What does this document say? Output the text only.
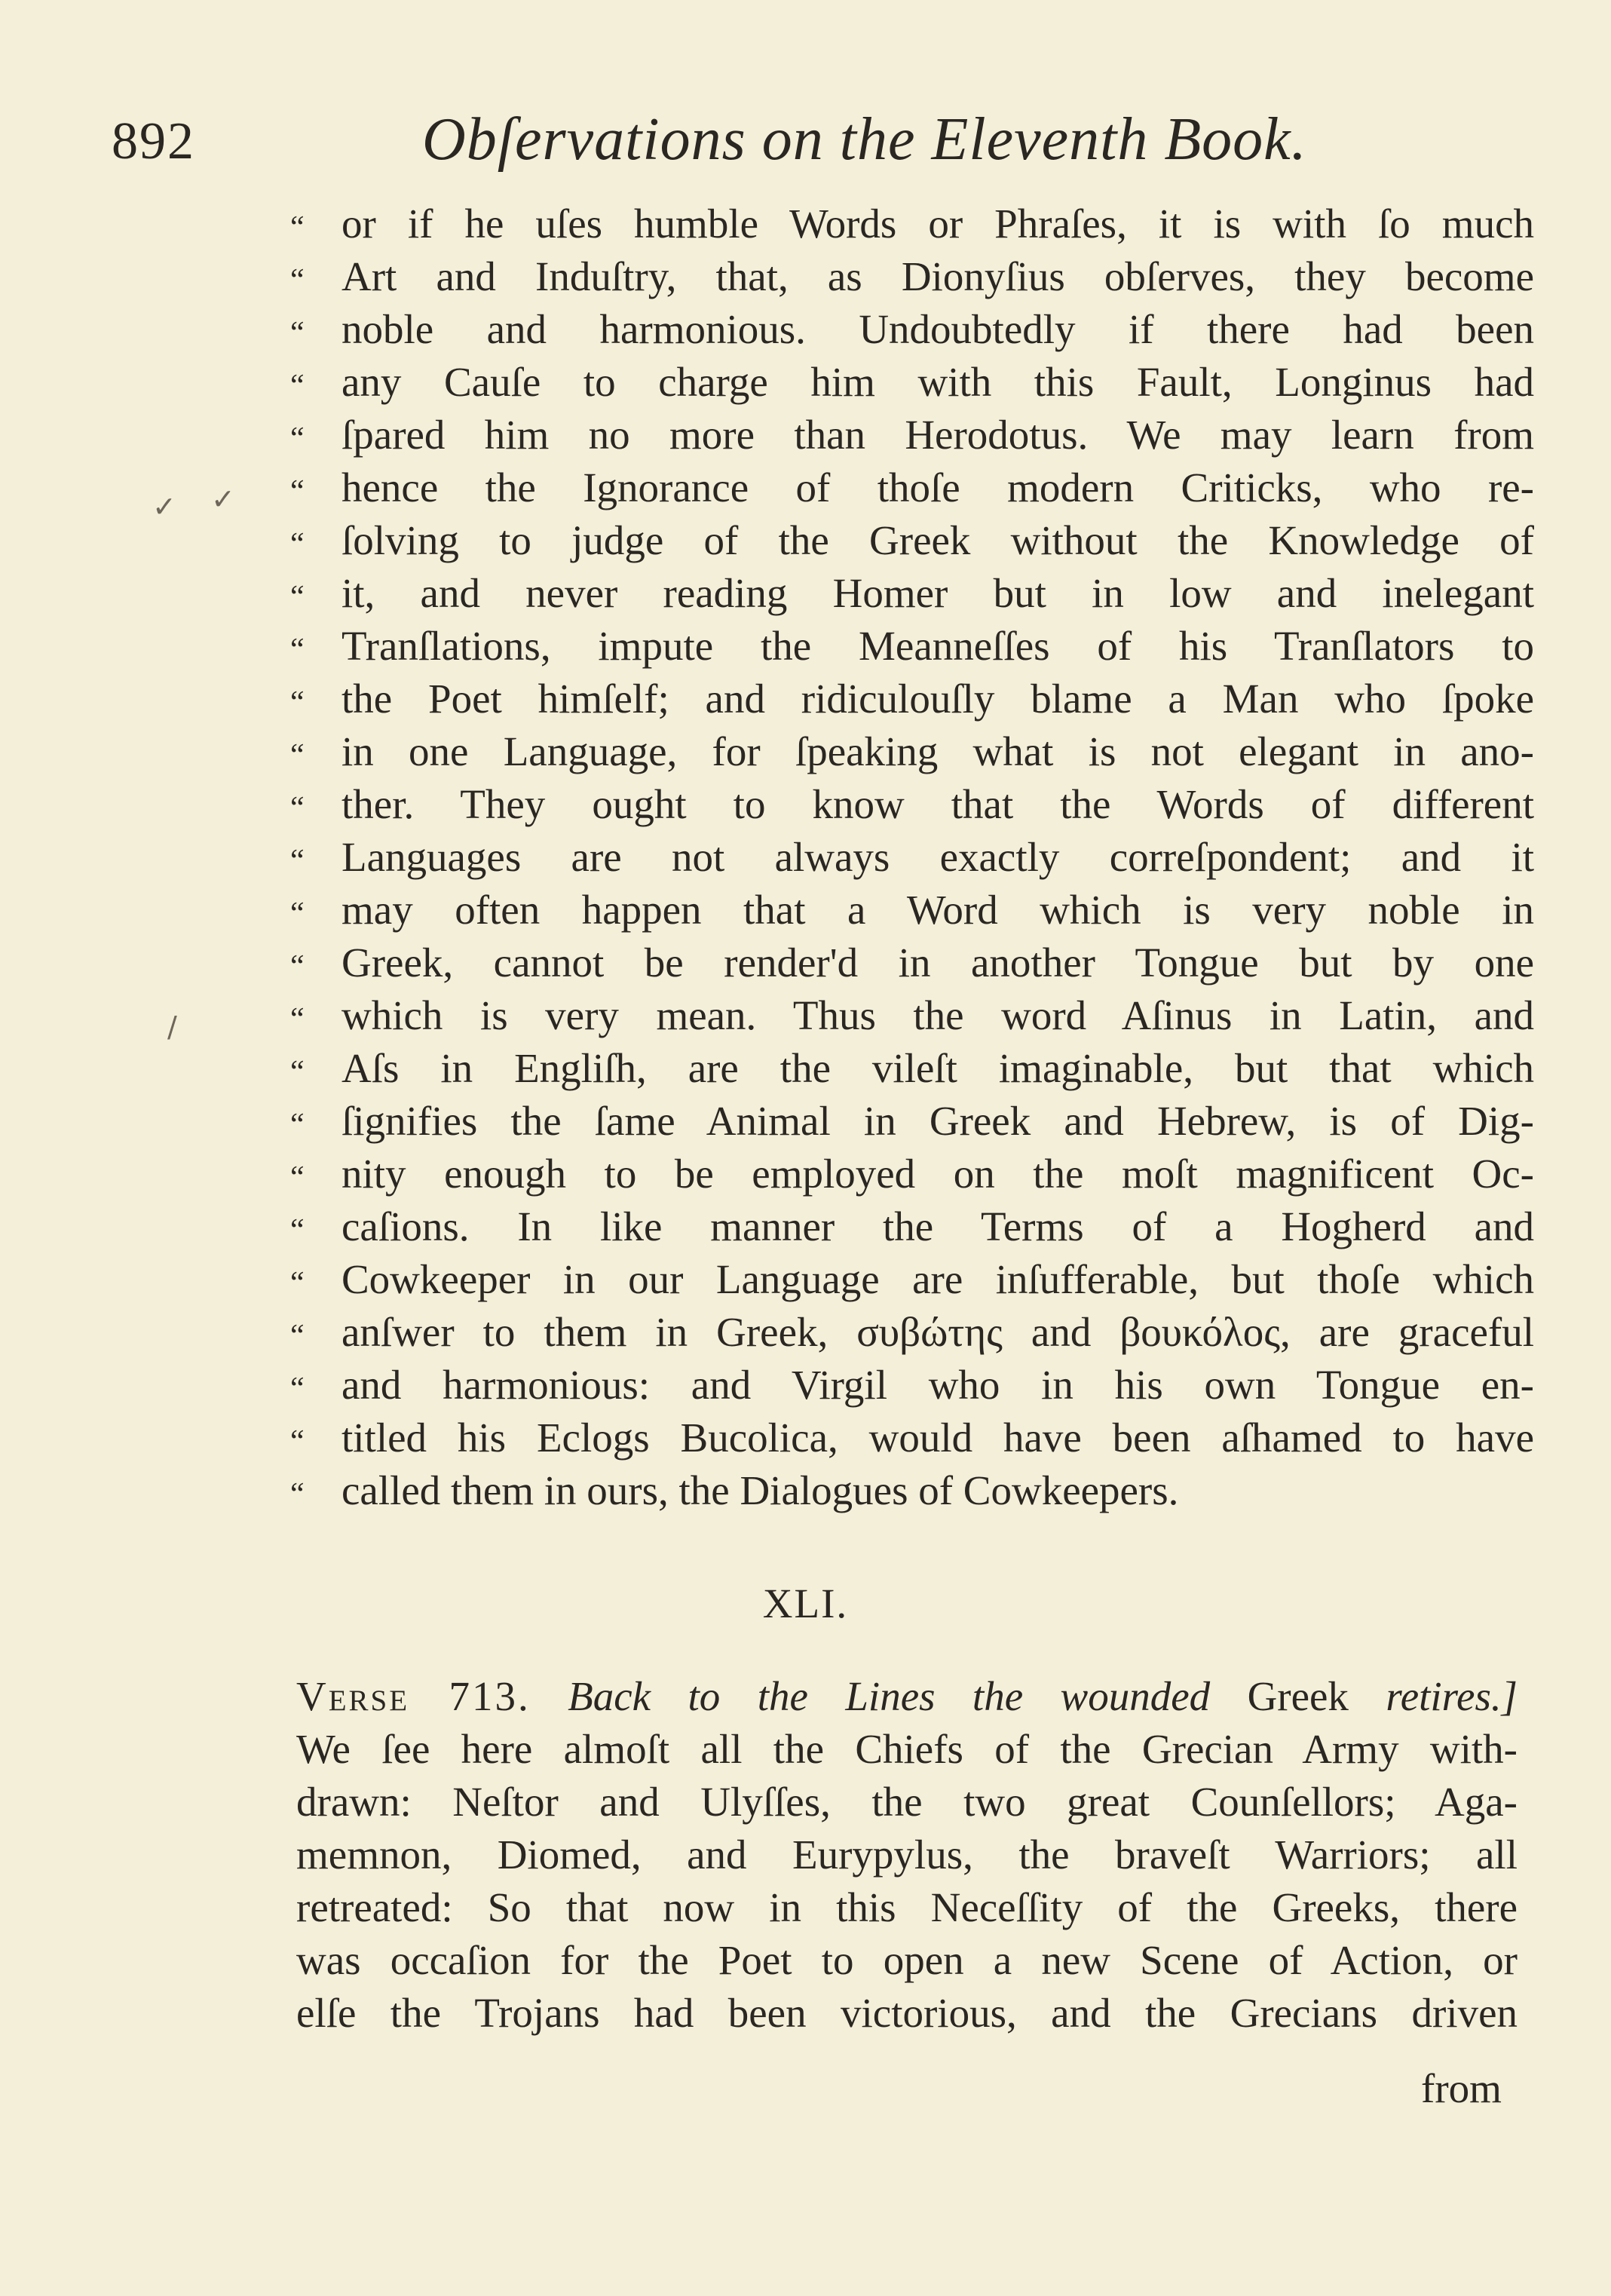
892	Obſervations on the Eleventh Book.
“ or if he uſes humble Words or Phraſes, it is with ſo much
“ Art and Induſtry, that, as Dionyſius obſerves, they become
“ noble and harmonious. Undoubtedly if there had been
“ any Cauſe to charge him with this Fault, Longinus had
“ ſpared him no more than Herodotus. We may learn from
“ hence the Ignorance of thoſe modern Criticks, who re-
“ ſolving to judge of the Greek without the Knowledge of
“ it, and never reading Homer but in low and inelegant
“ Tranſlations, impute the Meanneſſes of his Tranſlators to
“ the Poet himſelf; and ridiculouſly blame a Man who ſpoke
“ in one Language, for ſpeaking what is not elegant in ano-
“ ther. They ought to know that the Words of different
“ Languages are not always exactly correſpondent; and it
“ may often happen that a Word which is very noble in
“ Greek, cannot be render'd in another Tongue but by one
“ which is very mean. Thus the word Aſinus in Latin, and
“ Aſs in Engliſh, are the vileſt imaginable, but that which
“ ſignifies the ſame Animal in Greek and Hebrew, is of Dig-
“ nity enough to be employed on the moſt magnificent Oc-
“ caſions. In like manner the Terms of a Hogherd and
“ Cowkeeper in our Language are inſufferable, but thoſe which
“ anſwer to them in Greek, συβώτης and βουκόλος, are graceful
“ and harmonious: and Virgil who in his own Tongue en-
“ titled his Eclogs Bucolica, would have been aſhamed to have
“ called them in ours, the Dialogues of Cowkeepers.
XLI.
Verse 713. Back to the Lines the wounded Greek retires.]
We ſee here almoſt all the Chiefs of the Grecian Army with-
drawn: Neſtor and Ulyſſes, the two great Counſellors; Aga-
memnon, Diomed, and Eurypylus, the braveſt Warriors; all
retreated: So that now in this Neceſſity of the Greeks, there
was occaſion for the Poet to open a new Scene of Action, or
elſe the Trojans had been victorious, and the Grecians driven
from
✓ ✓
/
